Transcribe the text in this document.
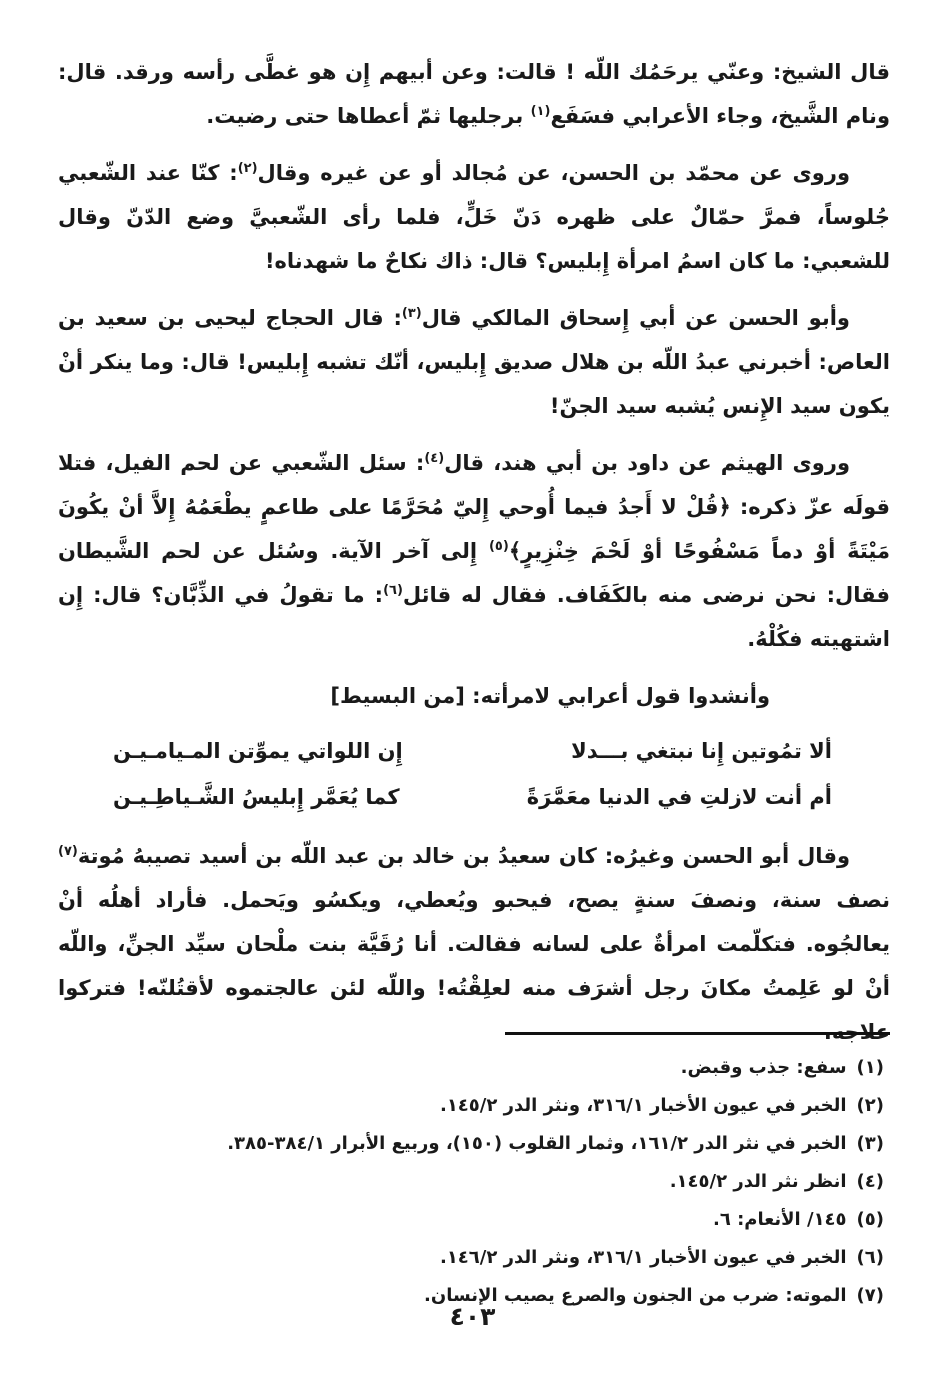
قال الشيخ: وعنّي يرحَمُك اللّه ! قالت: وعن أبيهم إِن هو غطَّى رأسه ورقد. قال: ونام الشَّيخ، وجاء الأعرابي فسَفَع$^{(١)}$ برجليها ثمّ أعطاها حتى رضيت.

وروى عن محمّد بن الحسن، عن مُجالد أو عن غيره وقال$^{(٢)}$: كنّا عند الشّعبي جُلوساً، فمرَّ حمّالٌ على ظهره دَنّ خَلٍّ، فلما رأى الشّعبيَّ وضع الدّنّ وقال للشعبي: ما كان اسمُ امرأة إِبليس؟ قال: ذاك نكاحٌ ما شهدناه!

وأبو الحسن عن أبي إِسحاق المالكي قال$^{(٣)}$: قال الحجاج ليحيى بن سعيد بن العاص: أخبرني عبدُ اللّه بن هلال صديق إِبليس، أنّك تشبه إِبليس! قال: وما ينكر أنْ يكون سيد الإِنس يُشبه سيد الجنّ!

وروى الهيثم عن داود بن أبي هند، قال$^{(٤)}$: سئل الشّعبي عن لحم الفيل، فتلا قولَه عزّ ذكره: ﴿قُلْ لا أَجدُ فيما أُوحي إِليّ مُحَرَّمًا على طاعمٍ يطْعَمُهُ إِلاَّ أنْ يكُونَ مَيْتَةً أوْ دماً مَسْفُوحًا أوْ لَحْمَ خِنْزِيرٍ﴾$^{(٥)}$ إِلى آخر الآية. وسُئل عن لحم الشَّيطان فقال: نحن نرضى منه بالكَفَاف. فقال له قائل$^{(٦)}$: ما تقولُ في الذِّبَّان؟ قال: إِن اشتهيته فكُلْهُ.

وأنشدوا قول أعرابي لامرأته: [من البسيط]
ألا تمُوتين إِنا نبتغي بـــدلا
إِن اللواتي يموِّتن المـيامـيـن
أم أنت لازلتِ في الدنيا معَمَّرَةً
كما يُعَمَّر إِبليسُ الشَّـياطِـيـن

وقال أبو الحسن وغيرُه: كان سعيدُ بن خالد بن عبد اللّه بن أسيد تصيبهُ مُوتة$^{(٧)}$ نصف سنة، ونصفَ سنةٍ يصح، فيحبو ويُعطي، ويكسُو ويَحمل. فأراد أهلُه أنْ يعالجُوه. فتكلّمت امرأةٌ على لسانه فقالت. أنا رُقَيَّة بنت ملْحان سيِّد الجنِّ، واللّه أنْ لو عَلِمتُ مكانَ رجل أشرَف منه لعلِقْتُه! واللّه لئن عالجتموه لأقتُلنّه! فتركوا علاجه.

(١)سفع: جذب وقبض.
(٢)الخبر في عيون الأخبار ٣١٦/١، ونثر الدر ١٤٥/٢.
(٣)الخبر في نثر الدر ١٦١/٢، وثمار القلوب (١٥٠)، وربيع الأبرار ٣٨٤/١-٣٨٥.
(٤)انظر نثر الدر ١٤٥/٢.
(٥)١٤٥/ الأنعام: ٦.
(٦)الخبر في عيون الأخبار ٣١٦/١، ونثر الدر ١٤٦/٢.
(٧)الموته: ضرب من الجنون والصرع يصيب الإنسان.
٤٠٣
